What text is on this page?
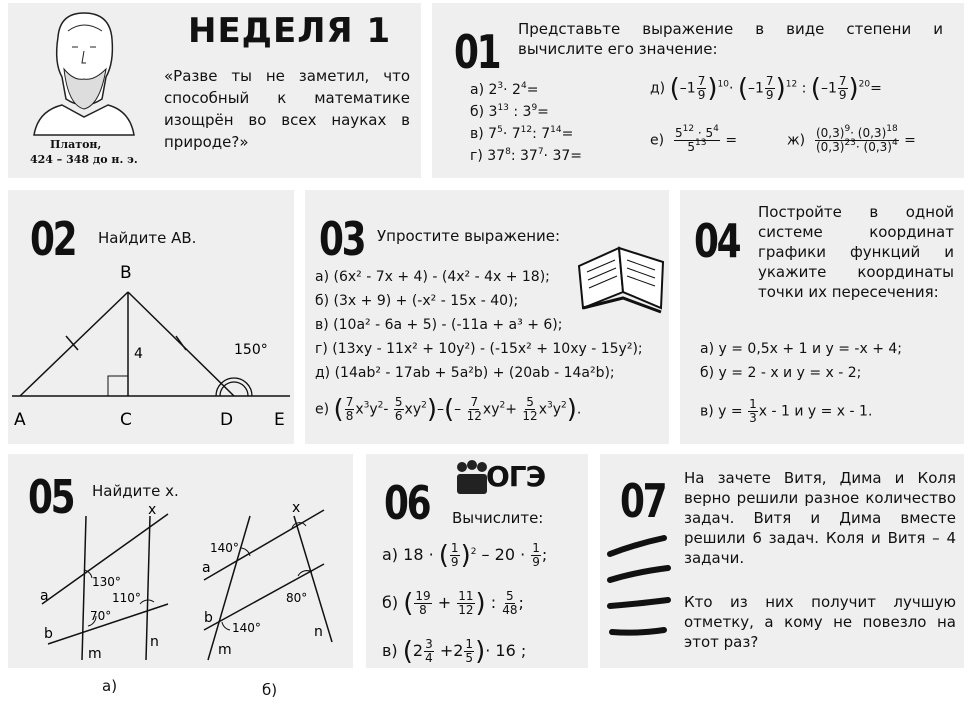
Платон,
424 – 348 до н. э.
НЕДЕЛЯ 1
«Разве ты не заметил, что способный к математике изощрён во всех науках в природе?»
01 Представьте выражение в виде степени и вычислите его значение:
а) $2^3\cdot 2^4=$
б) $3^{13}$ : $3^9=$
в) $7^5\cdot 7^{12}$: $7^{14}=$
г) $37^8$: $37^7\cdot 37=$
д) $(-1 \frac{7}{9} )^{10}\cdot (-1 \frac{7}{9} )^{12}$ : $(-1 \frac{7}{9} )^{20}=$
$е) \frac{5^{12} \cdot 5^4}{5^{13}}$ =	$ж) \frac{(0,3)^9\cdot (0,3)^{18}}{(0,3)^{23}\cdot (0,3)^4}$ =
02 Найдите AB.
B
A	C	D E
4	150°
03 Упростите выражение:
а) (6x² - 7x + 4) - (4x² - 4x + 18);
б) (3x + 9) + (-x² - 15x - 40);
в) (10a² - 6a + 5) - (-11a + a³ + 6);
г) (13xy - 11x² + 10y²) - (-15x² + 10xy - 15y²);
д) (14ab² - 17ab + 5a²b) + (20ab - 14a²b);
е) ( $\frac{7}{8} x^3y^2- \frac{5}{6} xy^2)-(- \frac{7}{12} xy^2+ \frac{5}{12} x^3y^2)$.
04
Постройте в одной системе координат графики функций и укажите координаты точки их пересечения:
а) y = 0,5x + 1 и y = -x + 4;
б) y = 2 - x и y = x - 2;
в) $y = \frac{1}{3}$ x - 1 и y = x - 1.
05 Найдите x.
x
a
b
m
n
130°
110°
70°
x
a
b
m
n
140°
140°
80°
а)	б)
06 ОГЭ
Вычислите:
а) 18 · ( $\frac{1}{9} )^2 - 20 \cdot \frac{1}{9}$ ;
б) ( $\frac{19}{8} + \frac{11}{12}$ ) : $\frac{5}{48}$ ;
в) ($2 \frac{3}{4} +2 \frac{1}{5}$ )· 16 ;
07 На зачете Витя, Дима и Коля верно решили разное количество задач. Витя и Дима вместе решили 6 задач. Коля и Витя – 4 задачи.
Кто из них получит лучшую отметку, а кому не повезло на этот раз?
